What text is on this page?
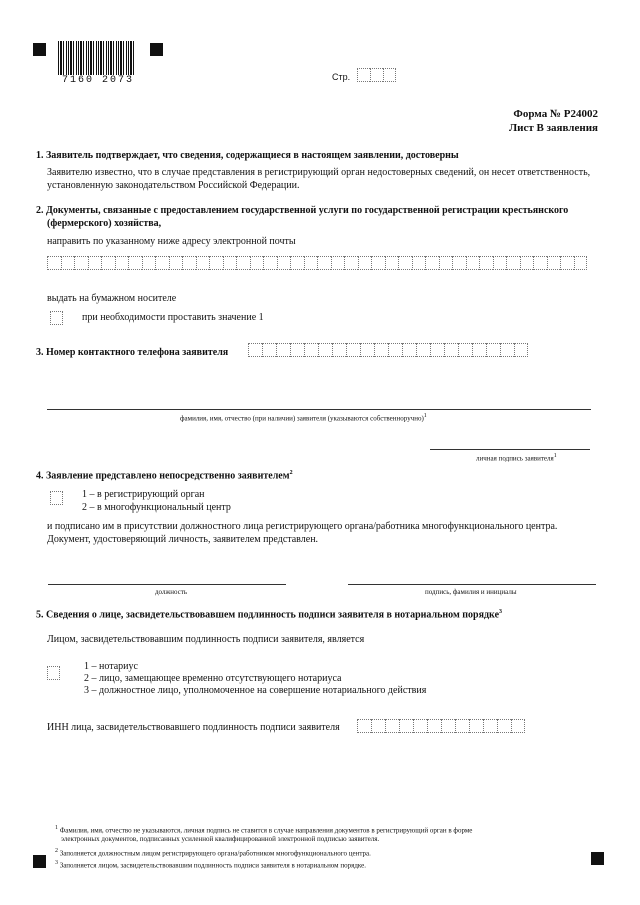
7160 2073	Стр.
Форма № Р24002
Лист В заявления
1. Заявитель подтверждает, что сведения, содержащиеся в настоящем заявлении, достоверны
Заявителю известно, что в случае представления в регистрирующий орган недостоверных сведений, он несет ответственность,
установленную законодательством Российской Федерации.
2. Документы, связанные с предоставлением государственной услуги по государственной регистрации крестьянского
(фермерского) хозяйства,
направить по указанному ниже адресу электронной почты
выдать на бумажном носителе
при необходимости проставить значение 1
3. Номер контактного телефона заявителя
фамилия, имя, отчество (при наличии) заявителя (указываются собственноручно)$^1$
личная подпись заявителя$^1$
4. Заявление представлено непосредственно заявителем$^2$
1 – в регистрирующий орган
2 – в многофункциональный центр
и подписано им в присутствии должностного лица регистрирующего органа/работника многофункционального центра.
Документ, удостоверяющий личность, заявителем представлен.
должность	подпись, фамилия и инициалы
5. Сведения о лице, засвидетельствовавшем подлинность подписи заявителя в нотариальном порядке$^3$
Лицом, засвидетельствовавшим подлинность подписи заявителя, является
1 – нотариус
2 – лицо, замещающее временно отсутствующего нотариуса
3 – должностное лицо, уполномоченное на совершение нотариального действия
ИНН лица, засвидетельствовавшего подлинность подписи заявителя
$^1$ Фамилия, имя, отчество не указываются, личная подпись не ставится в случае направления документов в регистрирующий орган в форме
электронных документов, подписанных усиленной квалифицированной электронной подписью заявителя.
$^2$ Заполняется должностным лицом регистрирующего органа/работником многофункционального центра.
$^3$ Заполняется лицом, засвидетельствовавшим подлинность подписи заявителя в нотариальном порядке.
